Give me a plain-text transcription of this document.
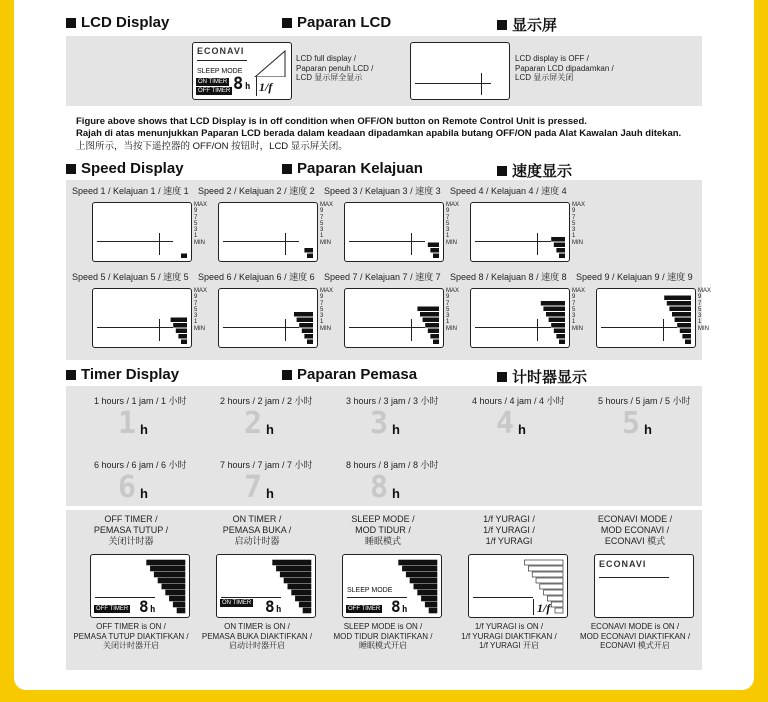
LCD Display	Paparan LCD	显示屏
ECONAVI
SLEEP MODE
ON TIMER
OFF TIMER 8 h 1/f
LCD full display /
Paparan penuh LCD /
LCD 显示屏全显示
LCD display is OFF /
Paparan LCD dipadamkan /
LCD 显示屏关闭
Figure above shows that LCD Display is in off condition when OFF/ON button on Remote Control Unit is pressed.
Rajah di atas menunjukkan Paparan LCD berada dalam keadaan dipadamkan apabila butang OFF/ON pada Alat Kawalan Jauh ditekan.
上图所示，当按下遥控器的 OFF/ON 按钮时，LCD 显示屏关闭。
Speed Display	Paparan Kelajuan	速度显示
Speed 1 / Kelajuan 1 / 速度 1
MAX
9
7
5
3
1
MIN
Speed 2 / Kelajuan 2 / 速度 2
MAX
9
7
5
3
1
MIN
Speed 3 / Kelajuan 3 / 速度 3
MAX
9
7
5
3
1
MIN
Speed 4 / Kelajuan 4 / 速度 4
MAX
9
7
5
3
1
MIN
Speed 5 / Kelajuan 5 / 速度 5
MAX
9
7
5
3
1
MIN
Speed 6 / Kelajuan 6 / 速度 6
MAX
9
7
5
3
1
MIN
Speed 7 / Kelajuan 7 / 速度 7
MAX
9
7
5
3
1
MIN
Speed 8 / Kelajuan 8 / 速度 8
MAX
9
7
5
3
1
MIN
Speed 9 / Kelajuan 9 / 速度 9
MAX
9
7
5
3
1
MIN
Timer Display	Paparan Pemasa	计时器显示
1 hours / 1 jam / 1 小时
1 h
2 hours / 2 jam / 2 小时
2 h
3 hours / 3 jam / 3 小时
3 h
4 hours / 4 jam / 4 小时
4 h
5 hours / 5 jam / 5 小时
5 h
6 hours / 6 jam / 6 小时
6 h
7 hours / 7 jam / 7 小时
7 h
8 hours / 8 jam / 8 小时
8 h
OFF TIMER /
PEMASA TUTUP /
关闭计时器
OFF TIMER 8 h
OFF TIMER is ON /
PEMASA TUTUP DIAKTIFKAN /
关闭计时器开启
ON TIMER /
PEMASA BUKA /
启动计时器
ON TIMER 8 h
ON TIMER is ON /
PEMASA BUKA DIAKTIFKAN /
启动计时器开启
SLEEP MODE /
MOD TIDUR /
睡眠模式
SLEEP MODE
OFF TIMER 8 h
SLEEP MODE is ON /
MOD TIDUR DIAKTIFKAN /
睡眠模式开启
1/f YURAGI /
1/f YURAGI /
1/f YURAGI
1/f
1/f YURAGI is ON /
1/f YURAGI DIAKTIFKAN /
1/f YURAGI 开启
ECONAVI MODE /
MOD ECONAVI /
ECONAVI 模式
ECONAVI
ECONAVI MODE is ON /
MOD ECONAVI DIAKTIFKAN /
ECONAVI 模式开启
